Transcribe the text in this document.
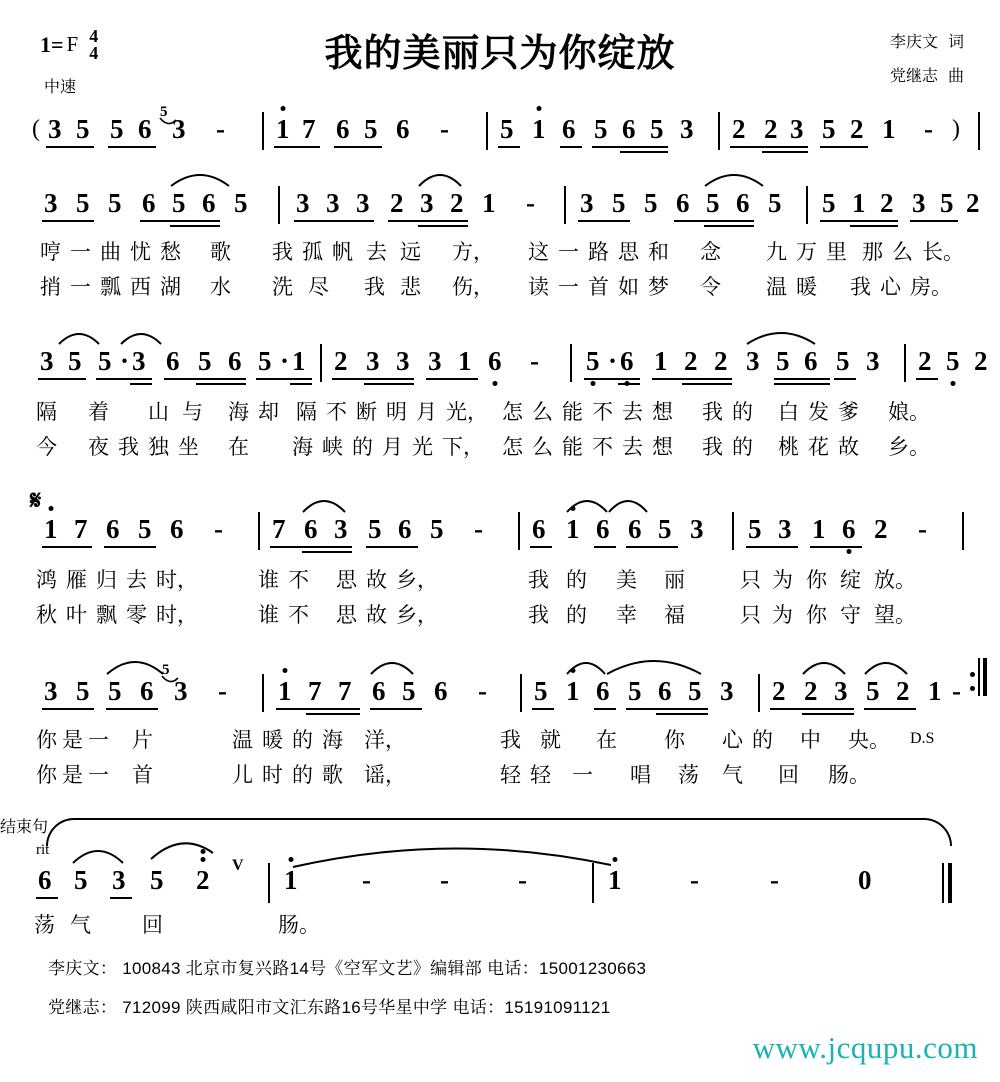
1= F 4
4
中速
我的美丽只为你绽放	李庆文 词
党继志 曲
( 3 5 5 6
5
3 - 1 7 6 5 6 - 5 1 6 5 6 5 3 2 2 3 5 2 1 - )
3 5 5 6 5 6 5 3 3 3 2 3 2 1 - 3 5 5 6 5 6 5 5 1 2 3 5 2
哼 一 曲 忧 愁 歌 我 孤 帆 去 远 方， 这 一 路 思 和 念 九 万 里 那 么 长。
捎 一 瓢 西 湖 水 洗 尽 我 悲 伤， 读 一 首 如 梦 令 温 暖 我 心 房。
3 5 5 · 3 6 5 6 5 · 1 2 3 3 3 1 6 - 5 · 6 1 2 2 3 5 6 5 3 2 5 2
隔 着 山 与 海 却 隔 不 断 明 月 光， 怎 么 能 不 去 想 我 的 白 发 爹 娘。
今 夜 我 独 坐 在 海 峡 的 月 光 下， 怎 么 能 不 去 想 我 的 桃 花 故 乡。
𝄋
1 7 6 5 6 - 7 6 3 5 6 5 - 6 1 6 6 5 3 5 3 1 6 2 -
鸿 雁 归 去 时，	谁 不 思 故 乡，	我 的 美 丽	只 为 你 绽 放。
秋 叶 飘 零 时，	谁 不 思 故 乡，	我 的 幸 福	只 为 你 守 望。
3 5 5 6
5
3 - 1 7 7 6 5 6 - 5 1 6 5 6 5 3 2 2 3 5 2 1 -
你 是 一 片	温 暖 的 海 洋，	我 就 在 你 心 的 中 央。 D.S
你 是 一 首	儿 时 的 歌 谣，	轻 轻 一 唱 荡 气 回 肠。
rit
结束句
6 5 3 5 2 V 1 -	-	-	1	-	-	0
荡 气 回	肠。
李庆文： 100843 北京市复兴路14号《空军文艺》编辑部 电话：15001230663
党继志： 712099 陕西咸阳市文汇东路16号华星中学 电话：15191091121
www.jcqupu.com
